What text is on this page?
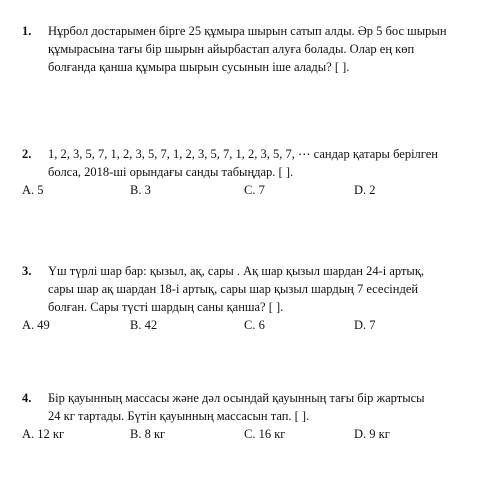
1.	Нұрбол достарымен бірге 25 құмыра шырын сатып алды. Әр 5 бос шырын
құмырасына тағы бір шырын айырбастап алуға болады. Олар ең көп
болғанда қанша құмыра шырын сусынын іше алады? [ ].
2.	1, 2, 3, 5, 7, 1, 2, 3, 5, 7, 1, 2, 3, 5, 7, 1, 2, 3, 5, 7, ⋯ сандар қатары берілген
болса, 2018-ші орындағы санды табыңдар. [ ].
A. 5	B. 3	C. 7	D. 2
3.	Үш түрлі шар бар: қызыл, ақ, сары . Ақ шар қызыл шардан 24-і артық,
сары шар ақ шардан 18-і артық, сары шар қызыл шардың 7 есесіндей
болған. Сары түсті шардың саны қанша? [ ].
A. 49	B. 42	C. 6	D. 7
4.	Бір қауынның массасы және дәл осындай қауынның тағы бір жартысы
24 кг тартады. Бүтін қауынның массасын тап. [ ].
A. 12 кг	B. 8 кг	C. 16 кг	D. 9 кг
